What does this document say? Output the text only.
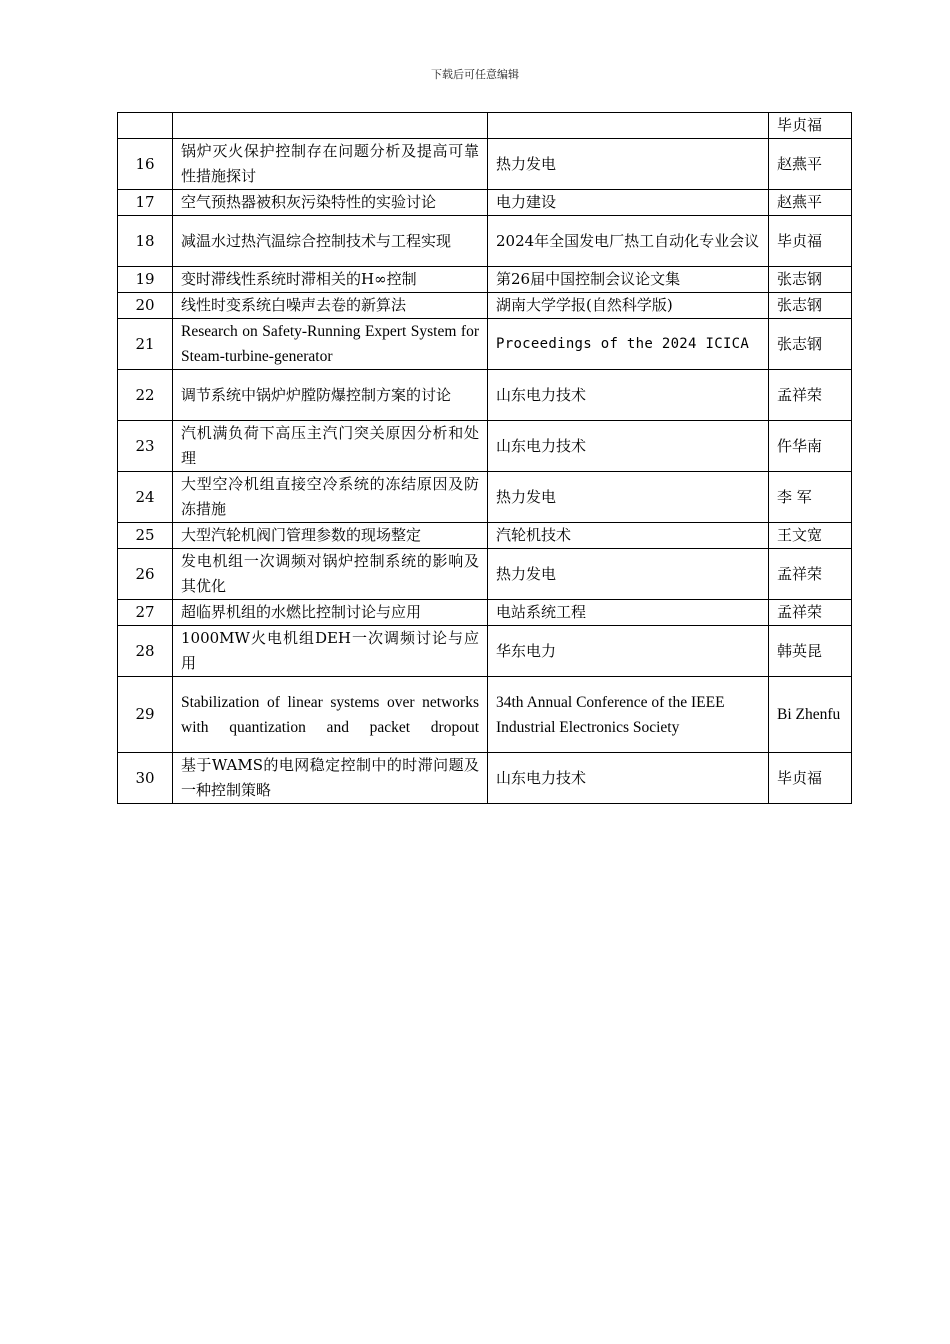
下载后可任意编辑
			毕贞福
16	锅炉灭火保护控制存在问题分析及提高可靠性措施探讨	热力发电	赵燕平
17	空气预热器被积灰污染特性的实验讨论	电力建设	赵燕平
18	减温水过热汽温综合控制技术与工程实现	2024年全国发电厂热工自动化专业会议	毕贞福
19	变时滞线性系统时滞相关的H∞控制	第26届中国控制会议论文集	张志钢
20	线性时变系统白噪声去卷的新算法	湖南大学学报(自然科学版)	张志钢
21	Research on Safety-Running Expert System for Steam-turbine-generator	Proceedings of the 2024 ICICA	张志钢
22	调节系统中锅炉炉膛防爆控制方案的讨论	山东电力技术	孟祥荣
23	汽机满负荷下高压主汽门突关原因分析和处理	山东电力技术	仵华南
24	大型空冷机组直接空冷系统的冻结原因及防冻措施	热力发电	李 军
25	大型汽轮机阀门管理参数的现场整定	汽轮机技术	王文宽
26	发电机组一次调频对锅炉控制系统的影响及其优化	热力发电	孟祥荣
27	超临界机组的水燃比控制讨论与应用	电站系统工程	孟祥荣
28	1000MW火电机组DEH一次调频讨论与应用	华东电力	韩英昆
29	Stabilization of linear systems over networks with quantization and packet dropout	34th Annual Conference of the IEEE Industrial Electronics Society	Bi Zhenfu
30	基于WAMS的电网稳定控制中的时滞问题及一种控制策略	山东电力技术	毕贞福
